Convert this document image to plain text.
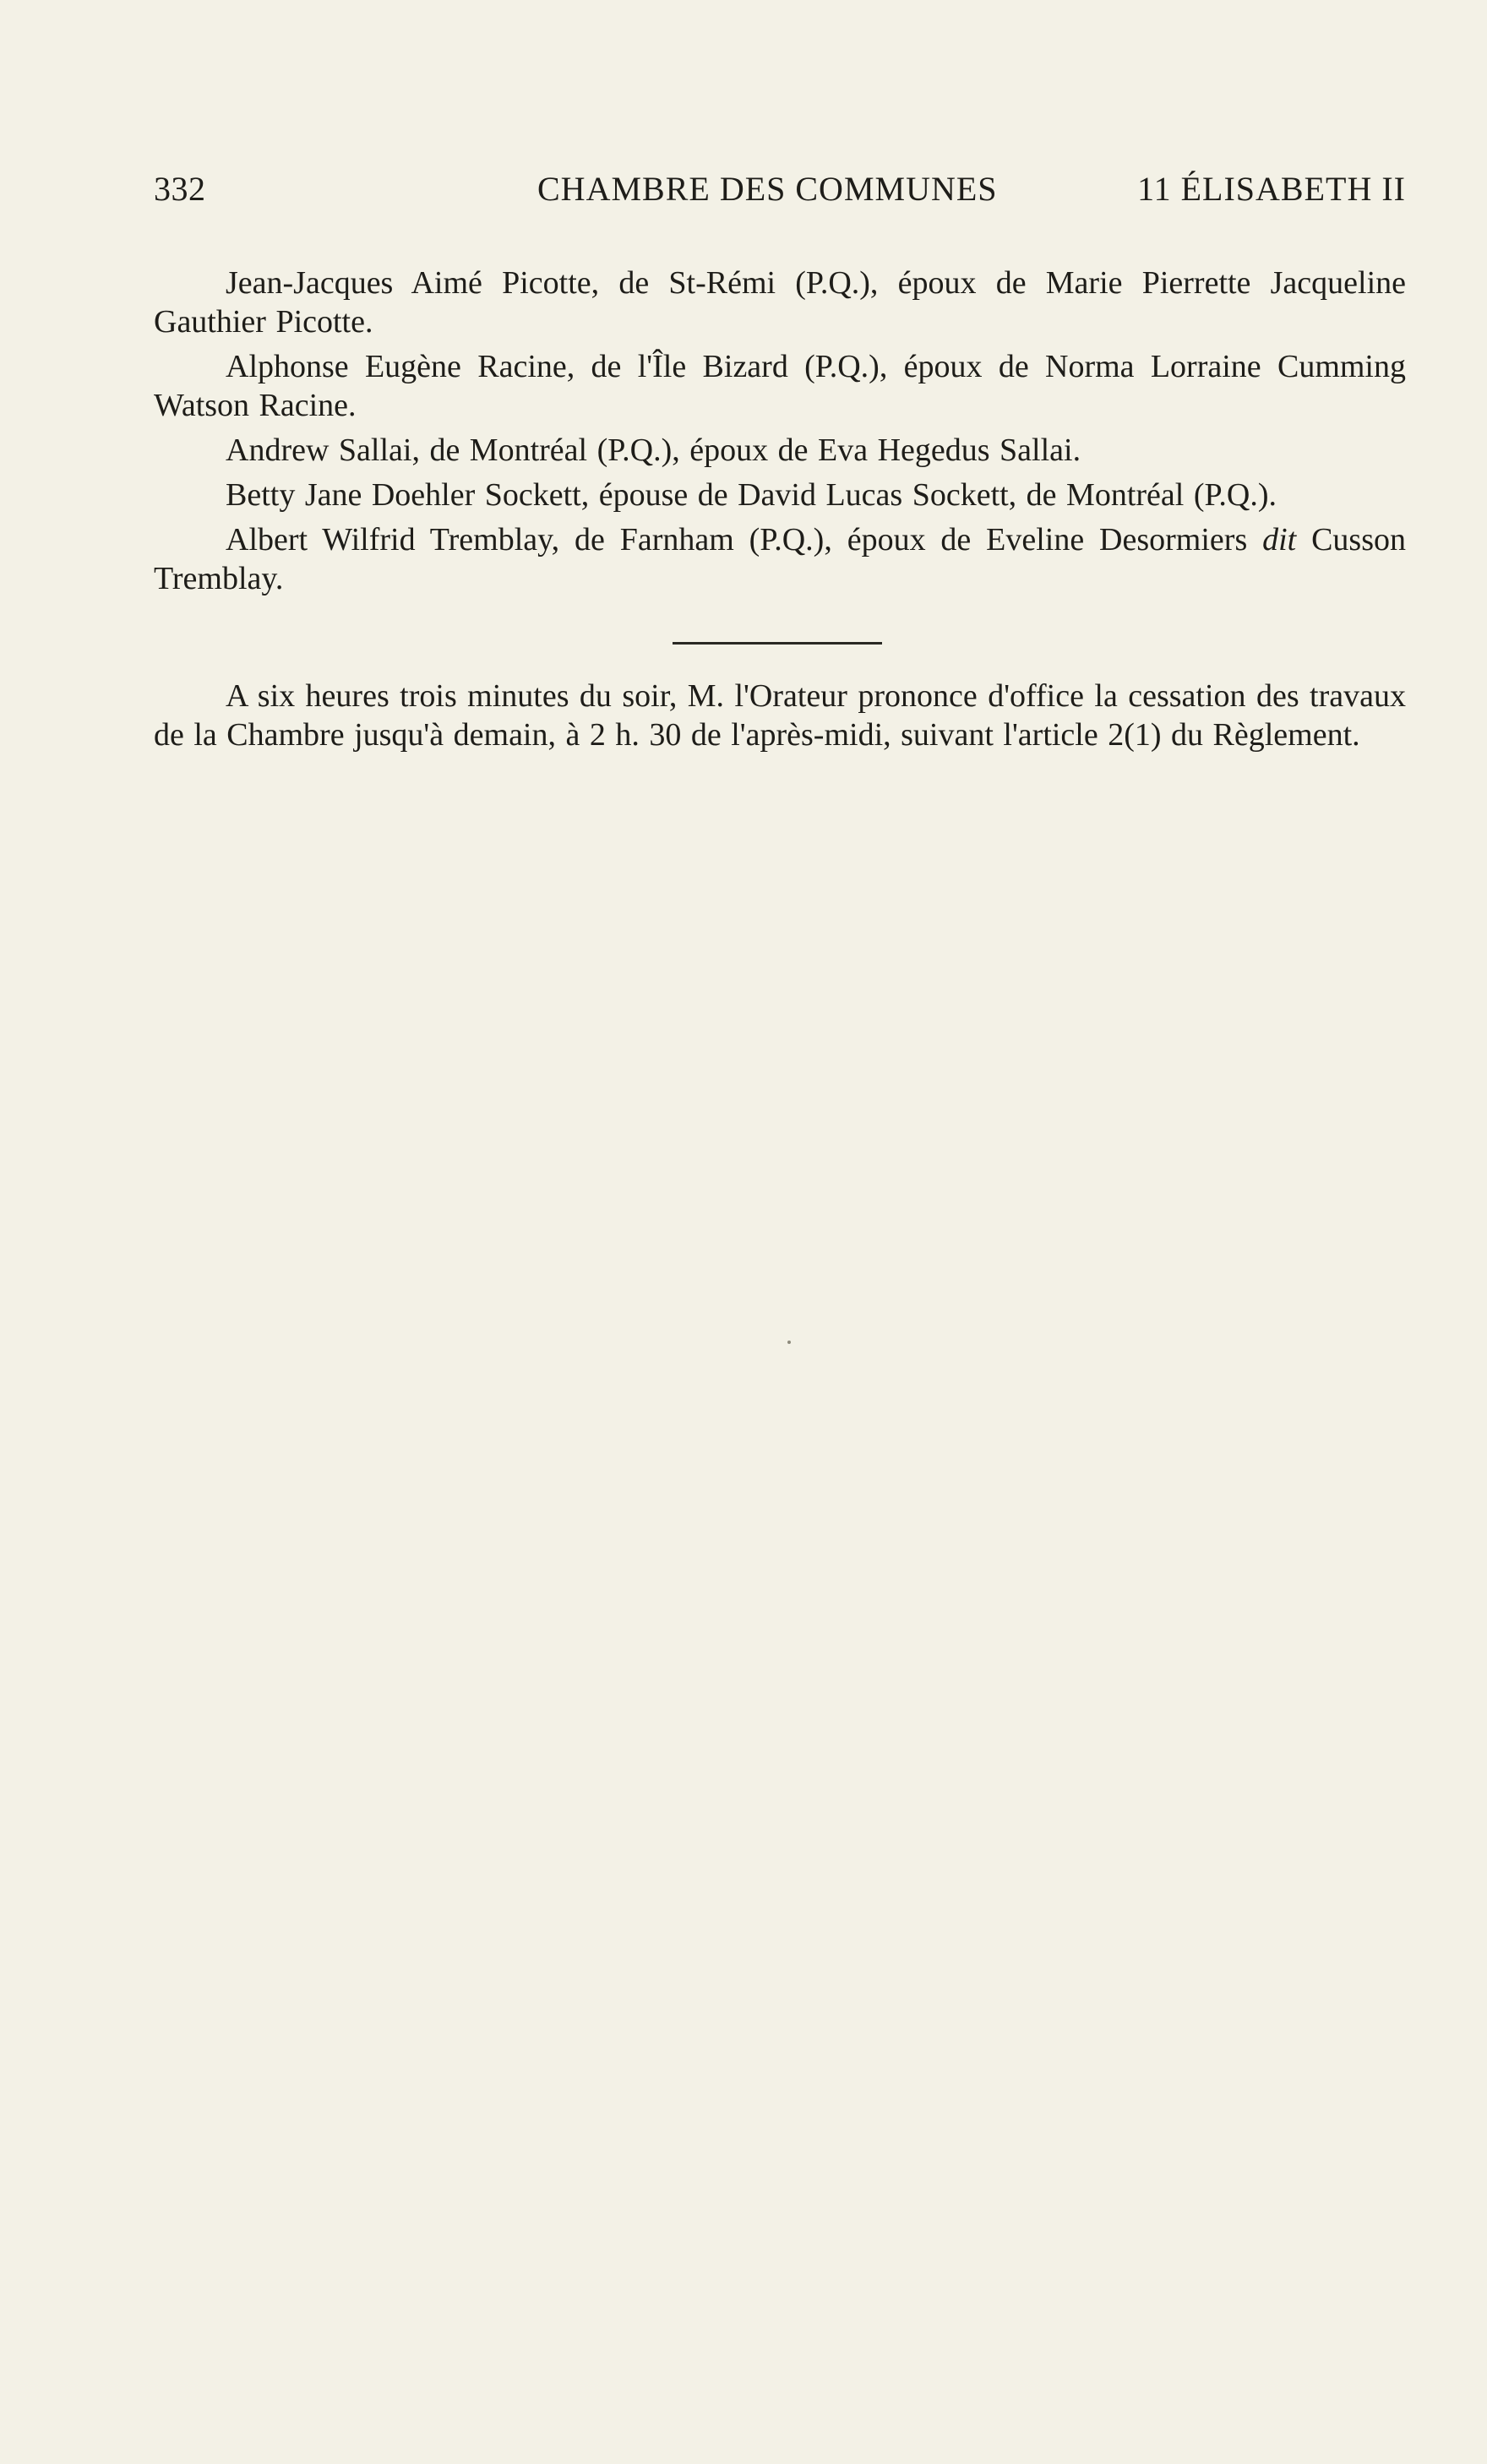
332	CHAMBRE DES COMMUNES	11 ÉLISABETH II

Jean-Jacques Aimé Picotte, de St-Rémi (P.Q.), époux de Marie Pierrette Jacqueline Gauthier Picotte.

Alphonse Eugène Racine, de l'Île Bizard (P.Q.), époux de Norma Lorraine Cumming Watson Racine.

Andrew Sallai, de Montréal (P.Q.), époux de Eva Hegedus Sallai.

Betty Jane Doehler Sockett, épouse de David Lucas Sockett, de Montréal (P.Q.).

Albert Wilfrid Tremblay, de Farnham (P.Q.), époux de Eveline Desormiers dit Cusson Tremblay.

A six heures trois minutes du soir, M. l'Orateur prononce d'office la cessation des travaux de la Chambre jusqu'à demain, à 2 h. 30 de l'après-midi, suivant l'article 2(1) du Règlement.
